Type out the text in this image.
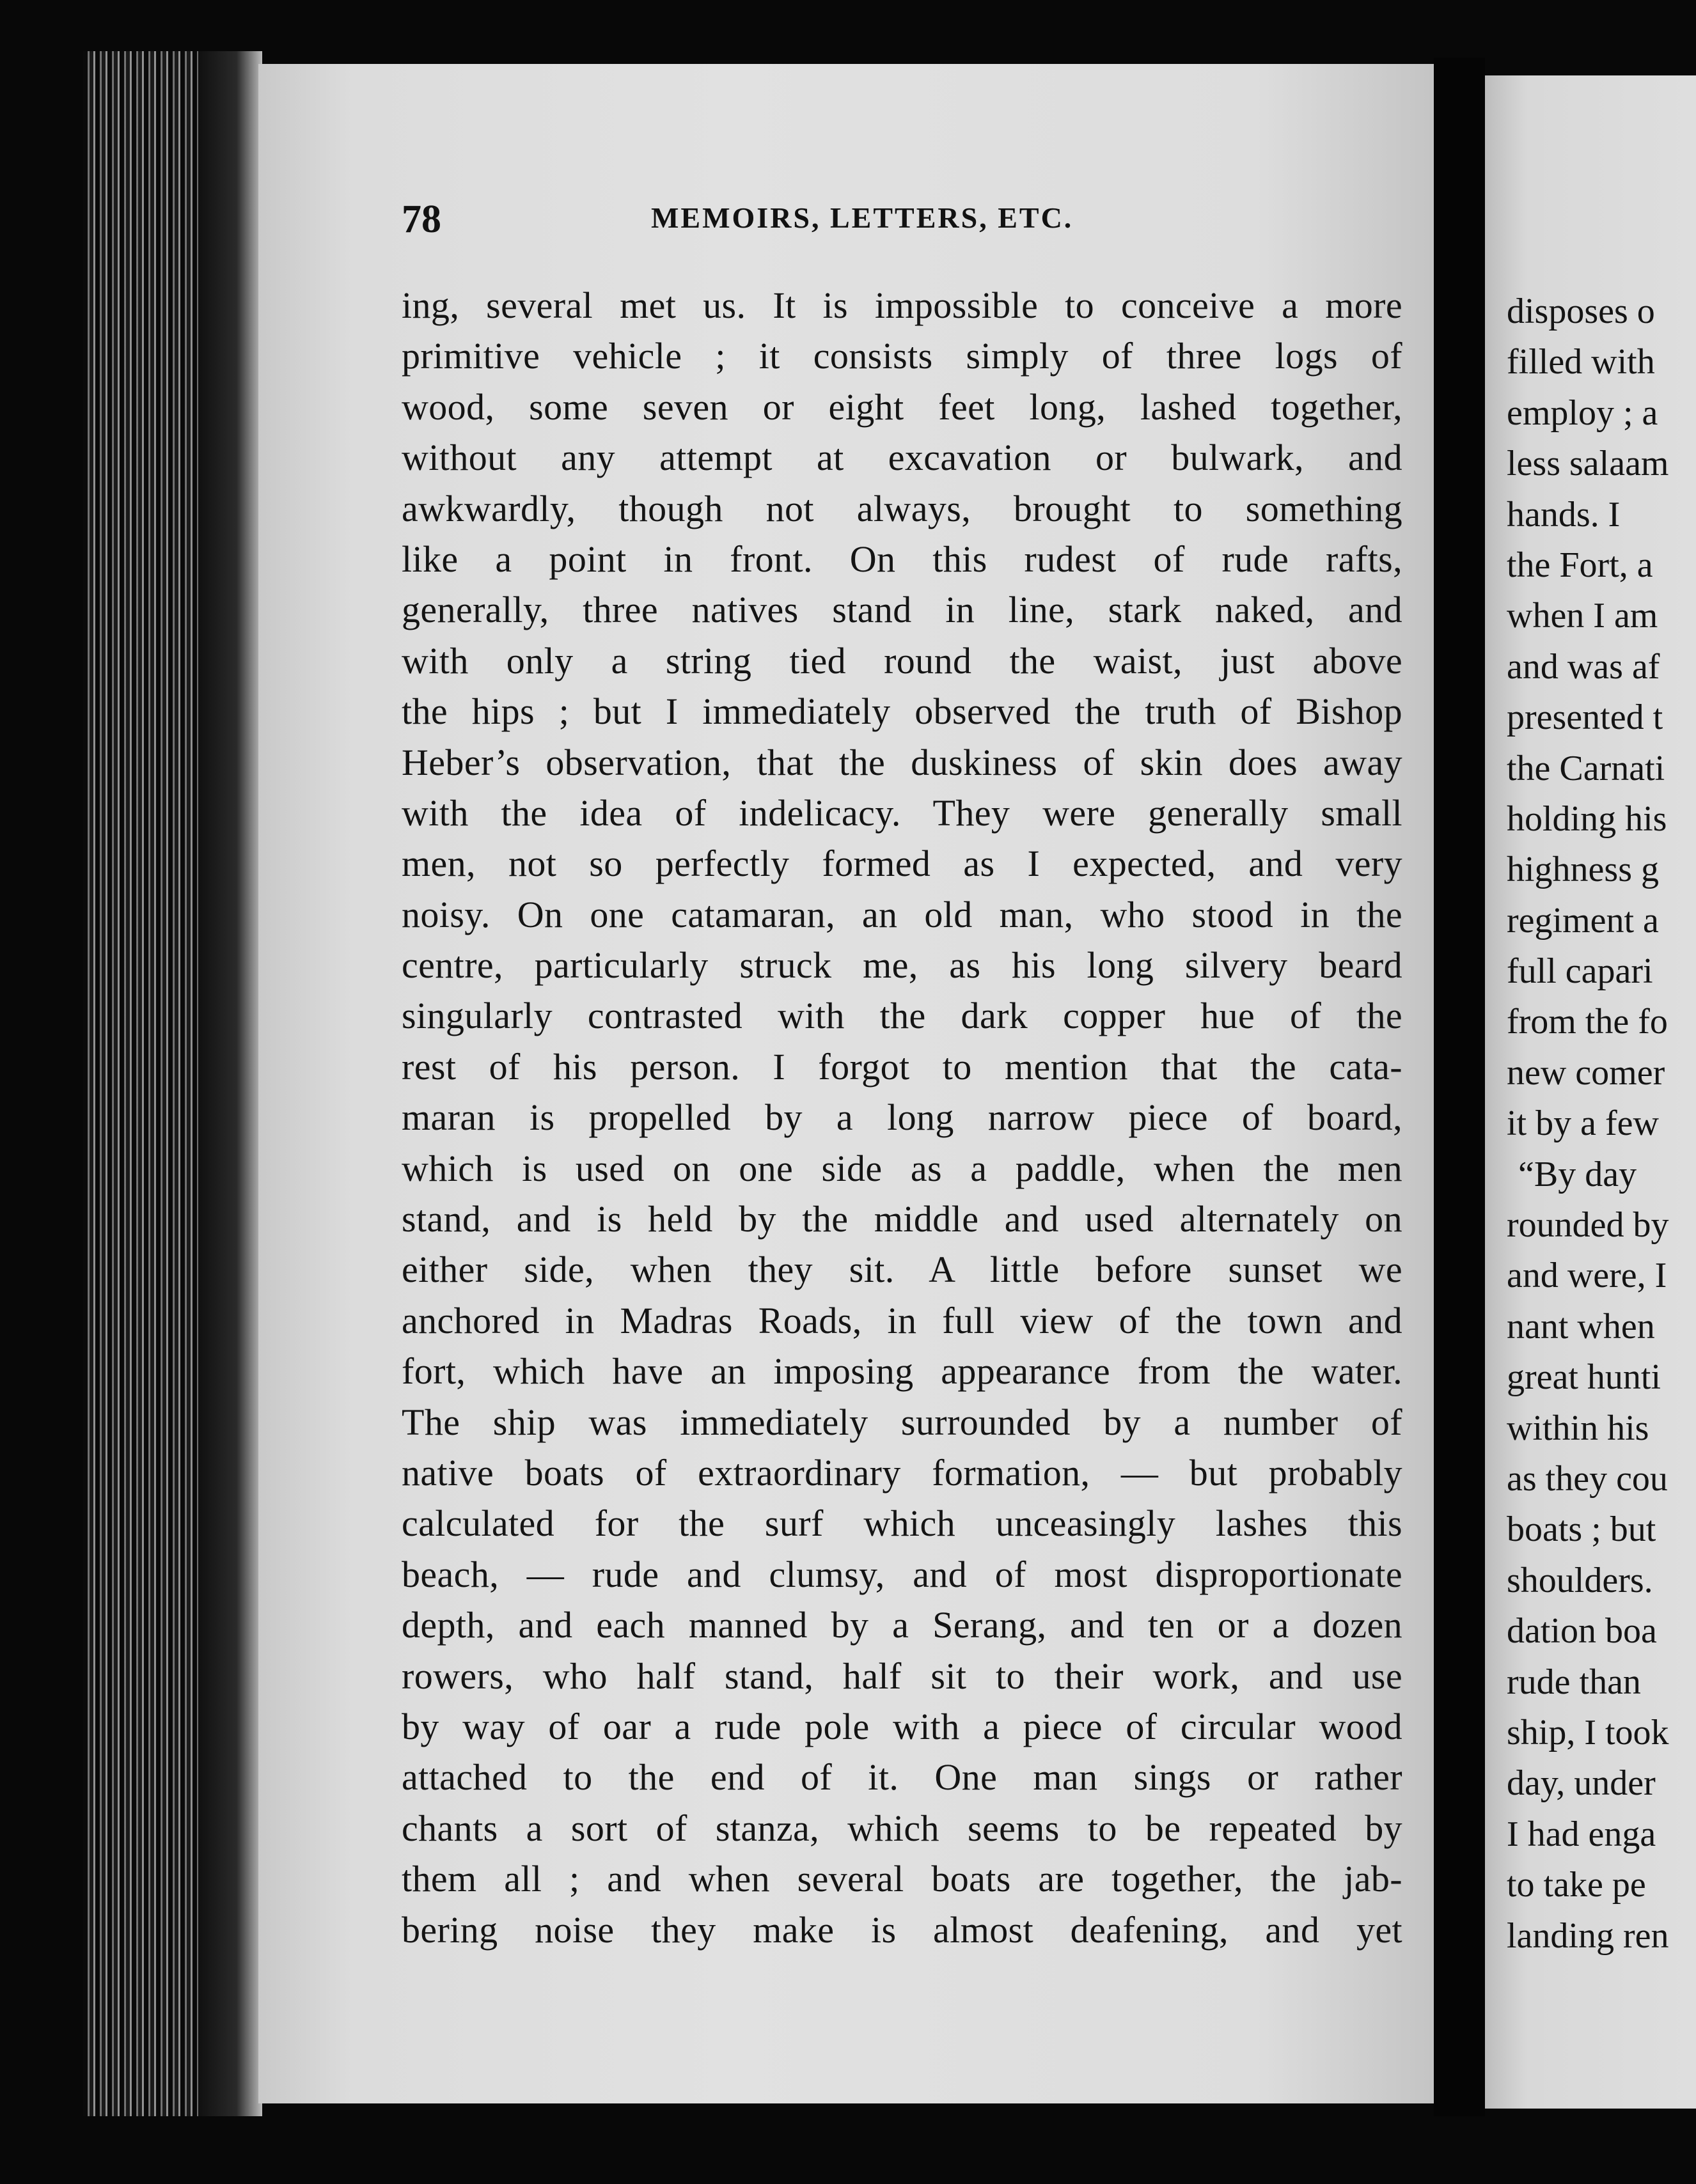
78	MEMOIRS, LETTERS, ETC.
ing, several met us. It is impossible to conceive a more
primitive vehicle ; it consists simply of three logs of
wood, some seven or eight feet long, lashed together,
without any attempt at excavation or bulwark, and
awkwardly, though not always, brought to something
like a point in front. On this rudest of rude rafts,
generally, three natives stand in line, stark naked, and
with only a string tied round the waist, just above
the hips ; but I immediately observed the truth of Bishop
Heber’s observation, that the duskiness of skin does away
with the idea of indelicacy. They were generally small
men, not so perfectly formed as I expected, and very
noisy. On one catamaran, an old man, who stood in the
centre, particularly struck me, as his long silvery beard
singularly contrasted with the dark copper hue of the
rest of his person. I forgot to mention that the cata-
maran is propelled by a long narrow piece of board,
which is used on one side as a paddle, when the men
stand, and is held by the middle and used alternately on
either side, when they sit. A little before sunset we
anchored in Madras Roads, in full view of the town and
fort, which have an imposing appearance from the water.
The ship was immediately surrounded by a number of
native boats of extraordinary formation, — but probably
calculated for the surf which unceasingly lashes this
beach, — rude and clumsy, and of most disproportionate
depth, and each manned by a Serang, and ten or a dozen
rowers, who half stand, half sit to their work, and use
by way of oar a rude pole with a piece of circular wood
attached to the end of it. One man sings or rather
chants a sort of stanza, which seems to be repeated by
them all ; and when several boats are together, the jab-
bering noise they make is almost deafening, and yet
disposes o
filled with
employ ; a
less salaam
hands. I
the Fort, a
when I am
and was af
presented t
the Carnati
holding his
highness g
regiment a
full capari
from the fo
new comer
it by a few
“By day
rounded by
and were, I
nant when
great hunti
within his
as they cou
boats ; but
shoulders.
dation boa
rude than
ship, I took
day, under
I had enga
to take pe
landing ren
